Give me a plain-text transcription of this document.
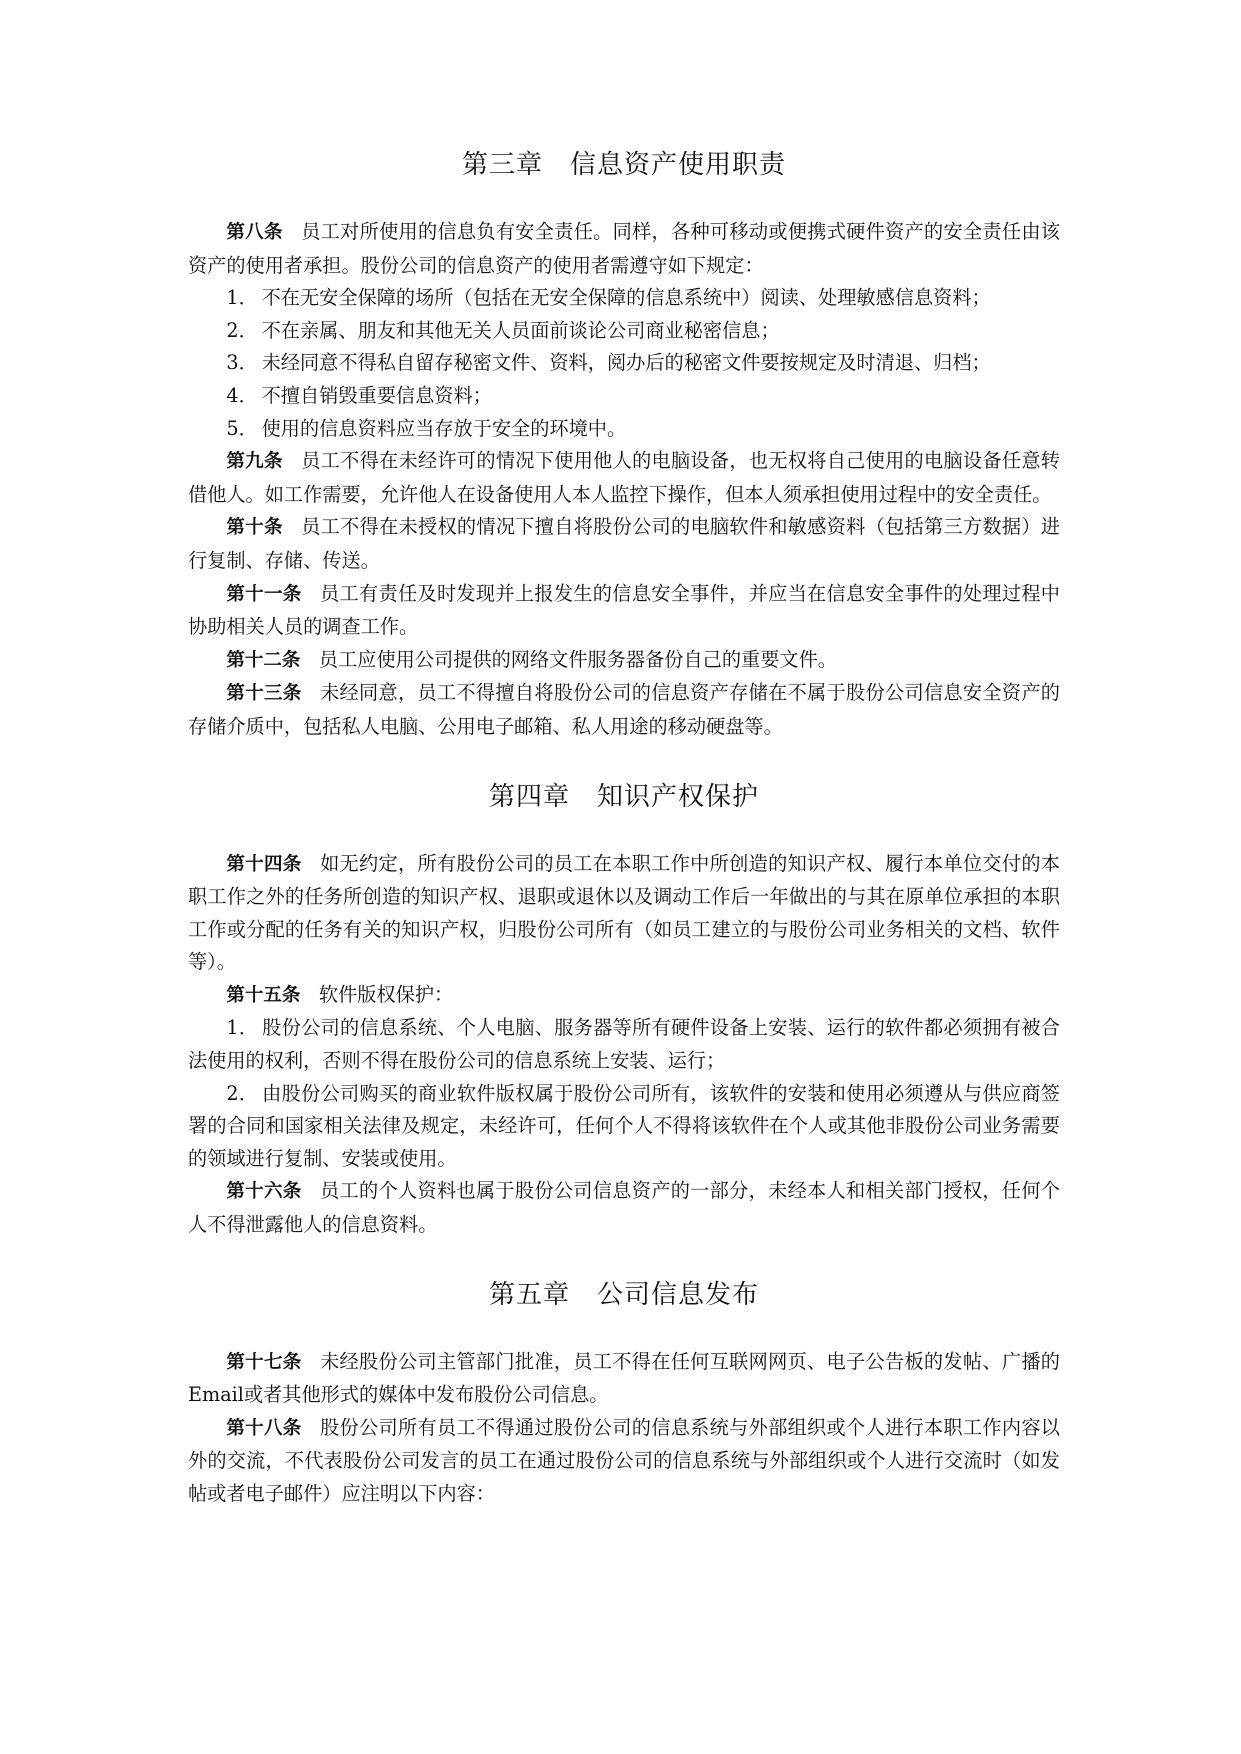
第三章　信息资产使用职责

第八条 员工对所使用的信息负有安全责任。同样，各种可移动或便携式硬件资产的安全责任由该资产的使用者承担。股份公司的信息资产的使用者需遵守如下规定：

1． 不在无安全保障的场所（包括在无安全保障的信息系统中）阅读、处理敏感信息资料；

2． 不在亲属、朋友和其他无关人员面前谈论公司商业秘密信息；

3． 未经同意不得私自留存秘密文件、资料，阅办后的秘密文件要按规定及时清退、归档；

4． 不擅自销毁重要信息资料；

5． 使用的信息资料应当存放于安全的环境中。

第九条 员工不得在未经许可的情况下使用他人的电脑设备，也无权将自己使用的电脑设备任意转借他人。如工作需要，允许他人在设备使用人本人监控下操作，但本人须承担使用过程中的安全责任。

第十条 员工不得在未授权的情况下擅自将股份公司的电脑软件和敏感资料（包括第三方数据）进行复制、存储、传送。

第十一条 员工有责任及时发现并上报发生的信息安全事件，并应当在信息安全事件的处理过程中协助相关人员的调查工作。

第十二条 员工应使用公司提供的网络文件服务器备份自己的重要文件。

第十三条 未经同意，员工不得擅自将股份公司的信息资产存储在不属于股份公司信息安全资产的存储介质中，包括私人电脑、公用电子邮箱、私人用途的移动硬盘等。

第四章　知识产权保护

第十四条 如无约定，所有股份公司的员工在本职工作中所创造的知识产权、履行本单位交付的本职工作之外的任务所创造的知识产权、退职或退休以及调动工作后一年做出的与其在原单位承担的本职工作或分配的任务有关的知识产权，归股份公司所有（如员工建立的与股份公司业务相关的文档、软件等）。

第十五条 软件版权保护：

1． 股份公司的信息系统、个人电脑、服务器等所有硬件设备上安装、运行的软件都必须拥有被合法使用的权利，否则不得在股份公司的信息系统上安装、运行；

2． 由股份公司购买的商业软件版权属于股份公司所有，该软件的安装和使用必须遵从与供应商签署的合同和国家相关法律及规定，未经许可，任何个人不得将该软件在个人或其他非股份公司业务需要的领域进行复制、安装或使用。

第十六条 员工的个人资料也属于股份公司信息资产的一部分，未经本人和相关部门授权，任何个人不得泄露他人的信息资料。

第五章　公司信息发布

第十七条 未经股份公司主管部门批准，员工不得在任何互联网网页、电子公告板的发帖、广播的Email或者其他形式的媒体中发布股份公司信息。

第十八条 股份公司所有员工不得通过股份公司的信息系统与外部组织或个人进行本职工作内容以外的交流，不代表股份公司发言的员工在通过股份公司的信息系统与外部组织或个人进行交流时（如发帖或者电子邮件）应注明以下内容：
